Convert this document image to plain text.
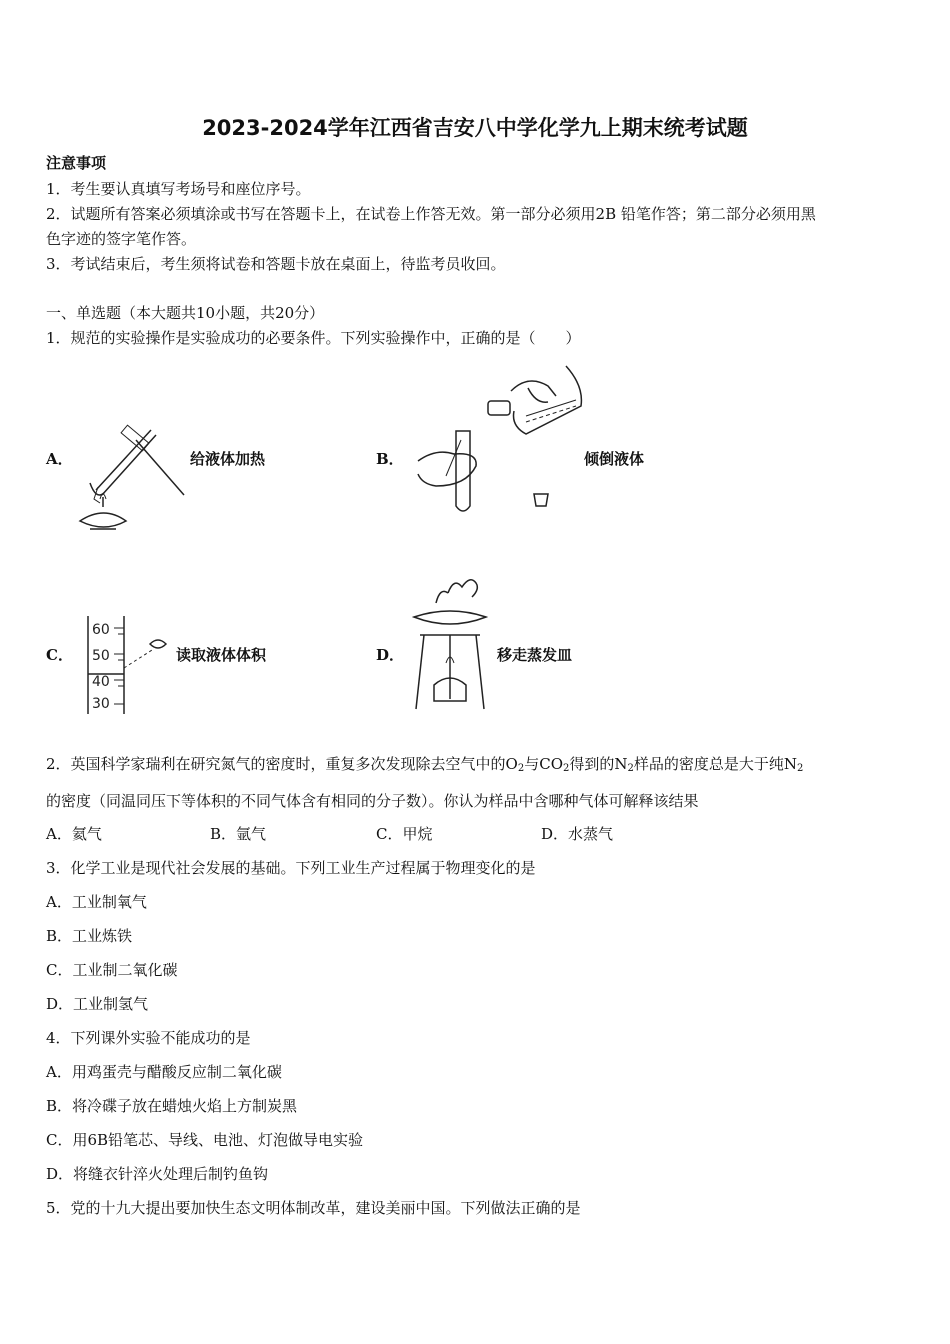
2023-2024学年江西省吉安八中学化学九上期末统考试题
注意事项
1．考生要认真填写考场号和座位序号。
2．试题所有答案必须填涂或书写在答题卡上，在试卷上作答无效。第一部分必须用2B 铅笔作答；第二部分必须用黑
色字迹的签字笔作答。
3．考试结束后，考生须将试卷和答题卡放在桌面上，待监考员收回。
一、单选题（本大题共10小题，共20分）
1．规范的实验操作是实验成功的必要条件。下列实验操作中，正确的是（　　）
A．	给液体加热	B．	倾倒液体
C．
60
50
40
30
读取液体体积	D．	移走蒸发皿
2．英国科学家瑞利在研究氮气的密度时，重复多次发现除去空气中的$O_2$与$CO_2$得到的$N_2$样品的密度总是大于纯$N_2$
的密度（同温同压下等体积的不同气体含有相同的分子数）。你认为样品中含哪种气体可解释该结果
A．氦气	B．氩气	C．甲烷	D．水蒸气
3．化学工业是现代社会发展的基础。下列工业生产过程属于物理变化的是
A．工业制氧气
B．工业炼铁
C．工业制二氧化碳
D．工业制氢气
4．下列课外实验不能成功的是
A．用鸡蛋壳与醋酸反应制二氧化碳
B．将冷碟子放在蜡烛火焰上方制炭黑
C．用6B铅笔芯、导线、电池、灯泡做导电实验
D．将缝衣针淬火处理后制钓鱼钩
5．党的十九大提出要加快生态文明体制改革，建设美丽中国。下列做法正确的是
